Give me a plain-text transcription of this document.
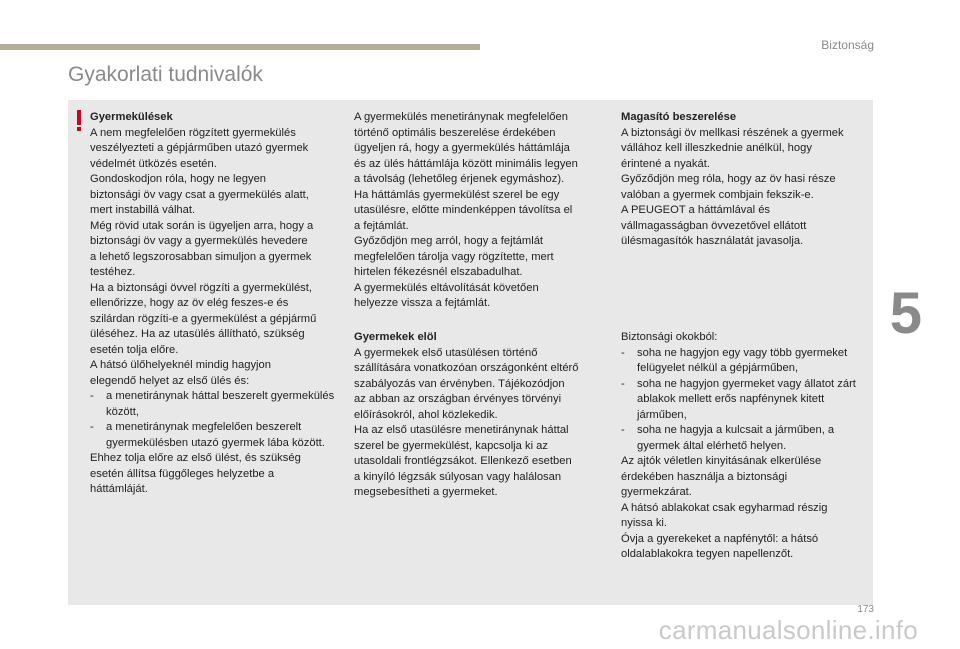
Biztonság
Gyakorlati tudnivalók

Gyermekülések

A nem megfelelően rögzített gyermekülés

veszélyezteti a gépjárműben utazó gyermek

védelmét ütközés esetén.

Gondoskodjon róla, hogy ne legyen

biztonsági öv vagy csat a gyermekülés alatt,

mert instabillá válhat.

Még rövid utak során is ügyeljen arra, hogy a

biztonsági öv vagy a gyermekülés hevedere

a lehető legszorosabban simuljon a gyermek

testéhez.

Ha a biztonsági övvel rögzíti a gyermekülést,

ellenőrizze, hogy az öv elég feszes-e és

szilárdan rögzíti-e a gyermekülést a gépjármű

üléséhez. Ha az utasülés állítható, szükség

esetén tolja előre.

A hátsó ülőhelyeknél mindig hagyjon

elegendő helyet az első ülés és:

-	a menetiránynak háttal beszerelt gyermekülés között,
-	a menetiránynak megfelelően beszerelt gyermekülésben utazó gyermek lába között.

Ehhez tolja előre az első ülést, és szükség

esetén állítsa függőleges helyzetbe a

háttámláját.

A gyermekülés menetiránynak megfelelően

történő optimális beszerelése érdekében

ügyeljen rá, hogy a gyermekülés háttámlája

és az ülés háttámlája között minimális legyen

a távolság (lehetőleg érjenek egymáshoz).

Ha háttámlás gyermekülést szerel be egy

utasülésre, előtte mindenképpen távolítsa el

a fejtámlát.

Győződjön meg arról, hogy a fejtámlát

megfelelően tárolja vagy rögzítette, mert

hirtelen fékezésnél elszabadulhat.

A gyermekülés eltávolítását követően

helyezze vissza a fejtámlát.

Gyermekek elöl

A gyermekek első utasülésen történő

szállítására vonatkozóan országonként eltérő

szabályozás van érvényben. Tájékozódjon

az abban az országban érvényes törvényi

előírásokról, ahol közlekedik.

Ha az első utasülésre menetiránynak háttal

szerel be gyermekülést, kapcsolja ki az

utasoldali frontlégzsákot. Ellenkező esetben

a kinyíló légzsák súlyosan vagy halálosan

megsebesítheti a gyermeket.

Magasító beszerelése

A biztonsági öv mellkasi részének a gyermek

vállához kell illeszkednie anélkül, hogy

érintené a nyakát.

Győződjön meg róla, hogy az öv hasi része

valóban a gyermek combjain fekszik-e.

A PEUGEOT a háttámlával és

vállmagasságban övvezetővel ellátott

ülésmagasítók használatát javasolja.

Biztonsági okokból:

-	soha ne hagyjon egy vagy több gyermeket felügyelet nélkül a gépjárműben,
-	soha ne hagyjon gyermeket vagy állatot zárt ablakok mellett erős napfénynek kitett járműben,
-	soha ne hagyja a kulcsait a járműben, a gyermek által elérhető helyen.

Az ajtók véletlen kinyitásának elkerülése

érdekében használja a biztonsági

gyermekzárat.

A hátsó ablakokat csak egyharmad részig

nyissa ki.

Óvja a gyerekeket a napfénytől: a hátsó

oldalablakokra tegyen napellenzőt.

5
173
carmanualsonline.info
